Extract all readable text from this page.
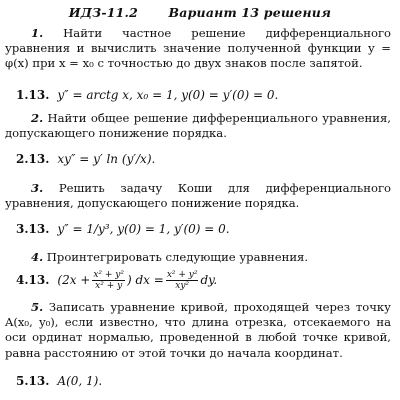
ИДЗ-11.2 Вариант 13 решения

1. Найти частное решение дифференциального уравнения и вычислить значение полученной функции y = φ(x) при x = x₀ с точностью до двух знаков после запятой.

1.13. y″ = arctg x, x₀ = 1, y(0) = y′(0) = 0.

2. Найти общее решение дифференциального уравнения, допускающего понижение порядка.

2.13. xy″ = y′ ln (y′/x).

3. Решить задачу Коши для дифференциального уравнения, допускающего понижение порядка.

3.13. y″ = 1/y³, y(0) = 1, y′(0) = 0.

4. Проинтегрировать следующие уравнения.

4.13. ($2x + \frac{\text{x² + y²}}{\text{x² + y}}$ ) dx = $\frac{\text{x² + y²}}{\text{xy²}}$ dy.

5. Записать уравнение кривой, проходящей через точку A(x₀, y₀), если известно, что длина отрезка, отсекаемого на оси ординат нормалью, проведенной в любой точке кривой, равна расстоянию от этой точки до начала координат.

5.13. A(0, 1).
